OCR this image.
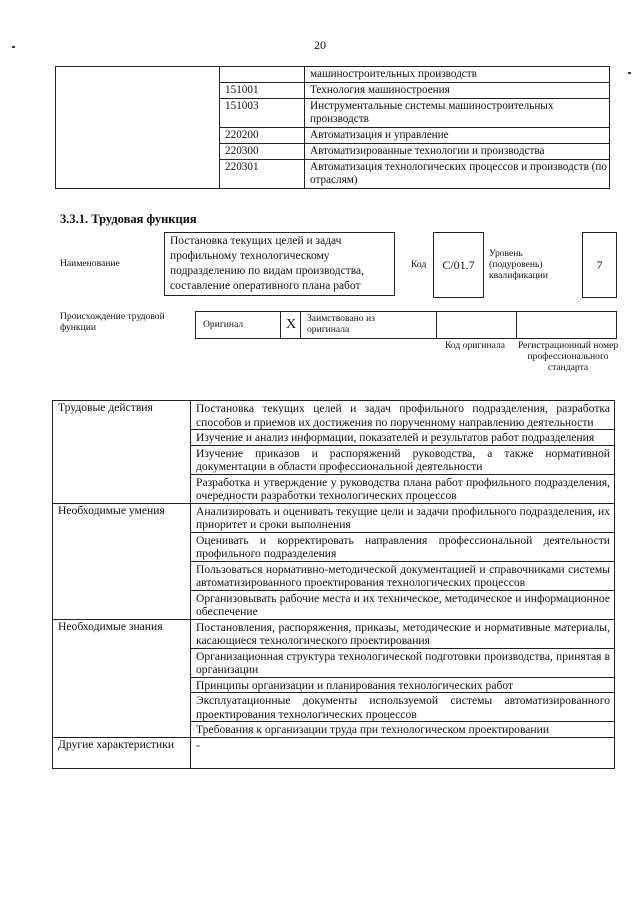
20
		машиностроительных производств
	151001	Технология машиностроения
	151003	Инструментальные системы машиностроительных производств
	220200	Автоматизация и управление
	220300	Автоматизированные технологии и производства
	220301	Автоматизация технологических процессов и производств (по отраслям)
3.3.1. Трудовая функция
Наименование
Постановка текущих целей и задач профильному технологическому подразделению по видам производства, составление оперативного плана работ
Код	С/01.7
Уровень (подуровень) квалификации
7
Происхождение трудовой функции	Оригинал	X Заимствовано из оригинала
Код оригинала	Регистрационный номер профессионального стандарта
Трудовые действия	Постановка текущих целей и задач профильного подразделения, разработка способов и приемов их достижения по порученному направлению деятельности
	Изучение и анализ информации, показателей и результатов работ подразделения
	Изучение приказов и распоряжений руководства, а также нормативной документации в области профессиональной деятельности
	Разработка и утверждение у руководства плана работ профильного подразделения, очередности разработки технологических процессов
Необходимые умения	Анализировать и оценивать текущие цели и задачи профильного подразделения, их приоритет и сроки выполнения
	Оценивать и корректировать направления профессиональной деятельности профильного подразделения
	Пользоваться нормативно-методической документацией и справочниками системы автоматизированного проектирования технологических процессов
	Организовывать рабочие места и их техническое, методическое и информационное обеспечение
Необходимые знания	Постановления, распоряжения, приказы, методические и нормативные материалы, касающиеся технологического проектирования
	Организационная структура технологической подготовки производства, принятая в организации
	Принципы организации и планирования технологических работ
	Эксплуатационные документы используемой системы автоматизированного проектирования технологических процессов
	Требования к организации труда при технологическом проектировании
Другие характеристики	-
